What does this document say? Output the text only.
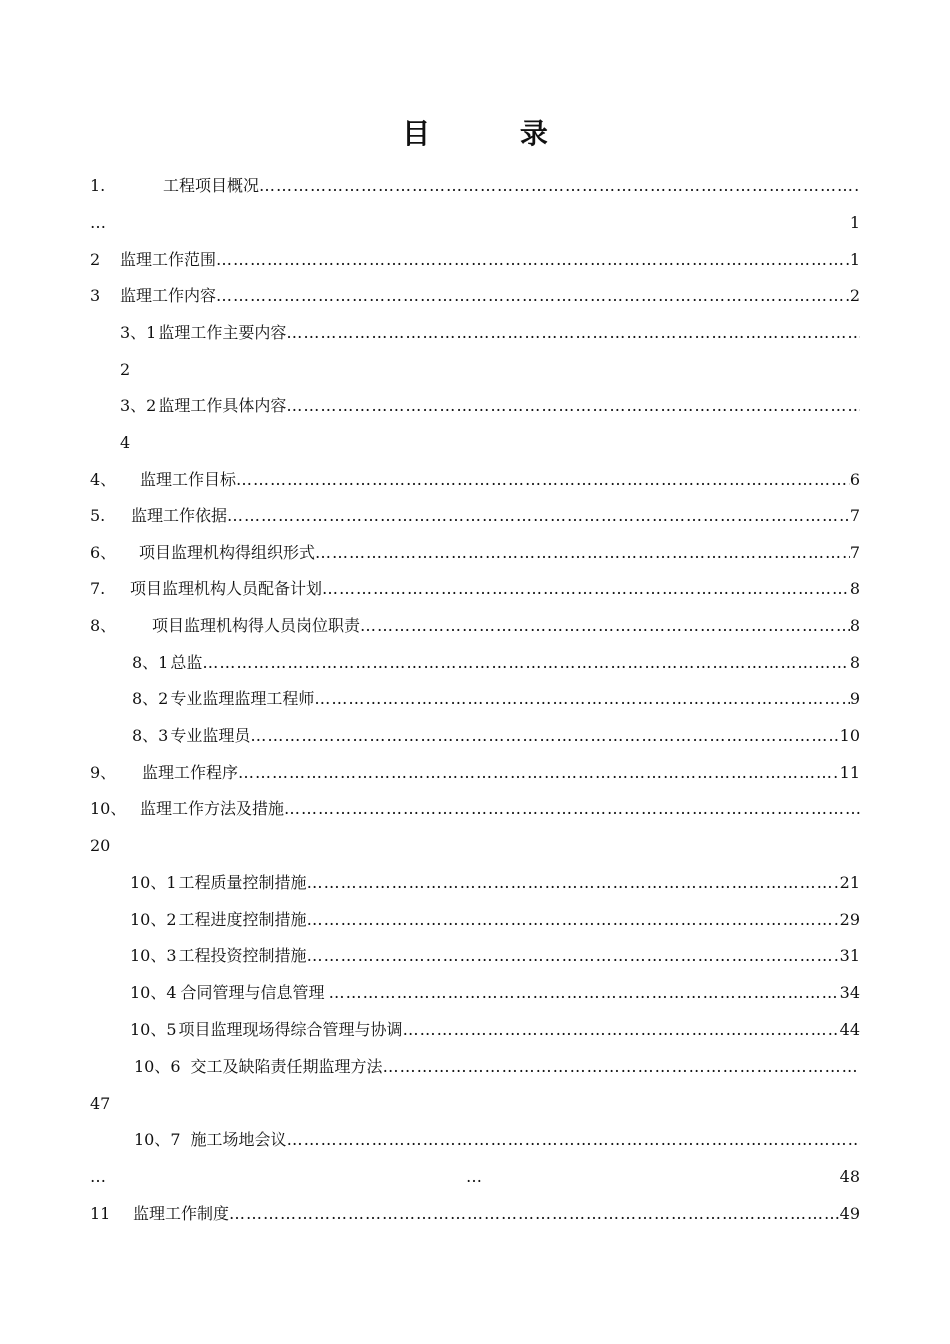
目 录
1.	工程项目概况
…………………………………………………………………………………………………………………………………………………………………………………………
…	1
2	监理工作范围 …………………………………………………………………………………………………………………………………………………………………………………………	1
3	监理工作内容 …………………………………………………………………………………………………………………………………………………………………………………………	2
3、1 监理工作主要内容
…………………………………………………………………………………………………………………………………………………………………………………………
2
3、2 监理工作具体内容
…………………………………………………………………………………………………………………………………………………………………………………………
4
4、	监理工作目标 …………………………………………………………………………………………………………………………………………………………………………………………	6
5.	监理工作依据 …………………………………………………………………………………………………………………………………………………………………………………………	7
6、	项目监理机构得组织形式 …………………………………………………………………………………………………………………………………………………………………………………………	7
7.	项目监理机构人员配备计划 …………………………………………………………………………………………………………………………………………………………………………………………	8
8、	项目监理机构得人员岗位职责 …………………………………………………………………………………………………………………………………………………………………………………………	8
8、1 总监 …………………………………………………………………………………………………………………………………………………………………………………………	8
8、2 专业监理监理工程师 …………………………………………………………………………………………………………………………………………………………………………………………	9
8、3 专业监理员 …………………………………………………………………………………………………………………………………………………………………………………………	10
9、	监理工作程序 …………………………………………………………………………………………………………………………………………………………………………………………	11
10、 监理工作方法及措施
…………………………………………………………………………………………………………………………………………………………………………………………
20
10、1 工程质量控制措施 …………………………………………………………………………………………………………………………………………………………………………………………	21
10、2 工程进度控制措施 …………………………………………………………………………………………………………………………………………………………………………………………	29
10、3 工程投资控制措施 …………………………………………………………………………………………………………………………………………………………………………………………	31
10、4 合同管理与信息管理 …………………………………………………………………………………………………………………………………………………………………………………………	34
10、5 项目监理现场得综合管理与协调 …………………………………………………………………………………………………………………………………………………………………………………………	44
10、6 交工及缺陷责任期监理方法
…………………………………………………………………………………………………………………………………………………………………………………………
47
10、7 施工场地会议
…………………………………………………………………………………………………………………………………………………………………………………………
…	…	48
11	监理工作制度 …………………………………………………………………………………………………………………………………………………………………………………………	49
